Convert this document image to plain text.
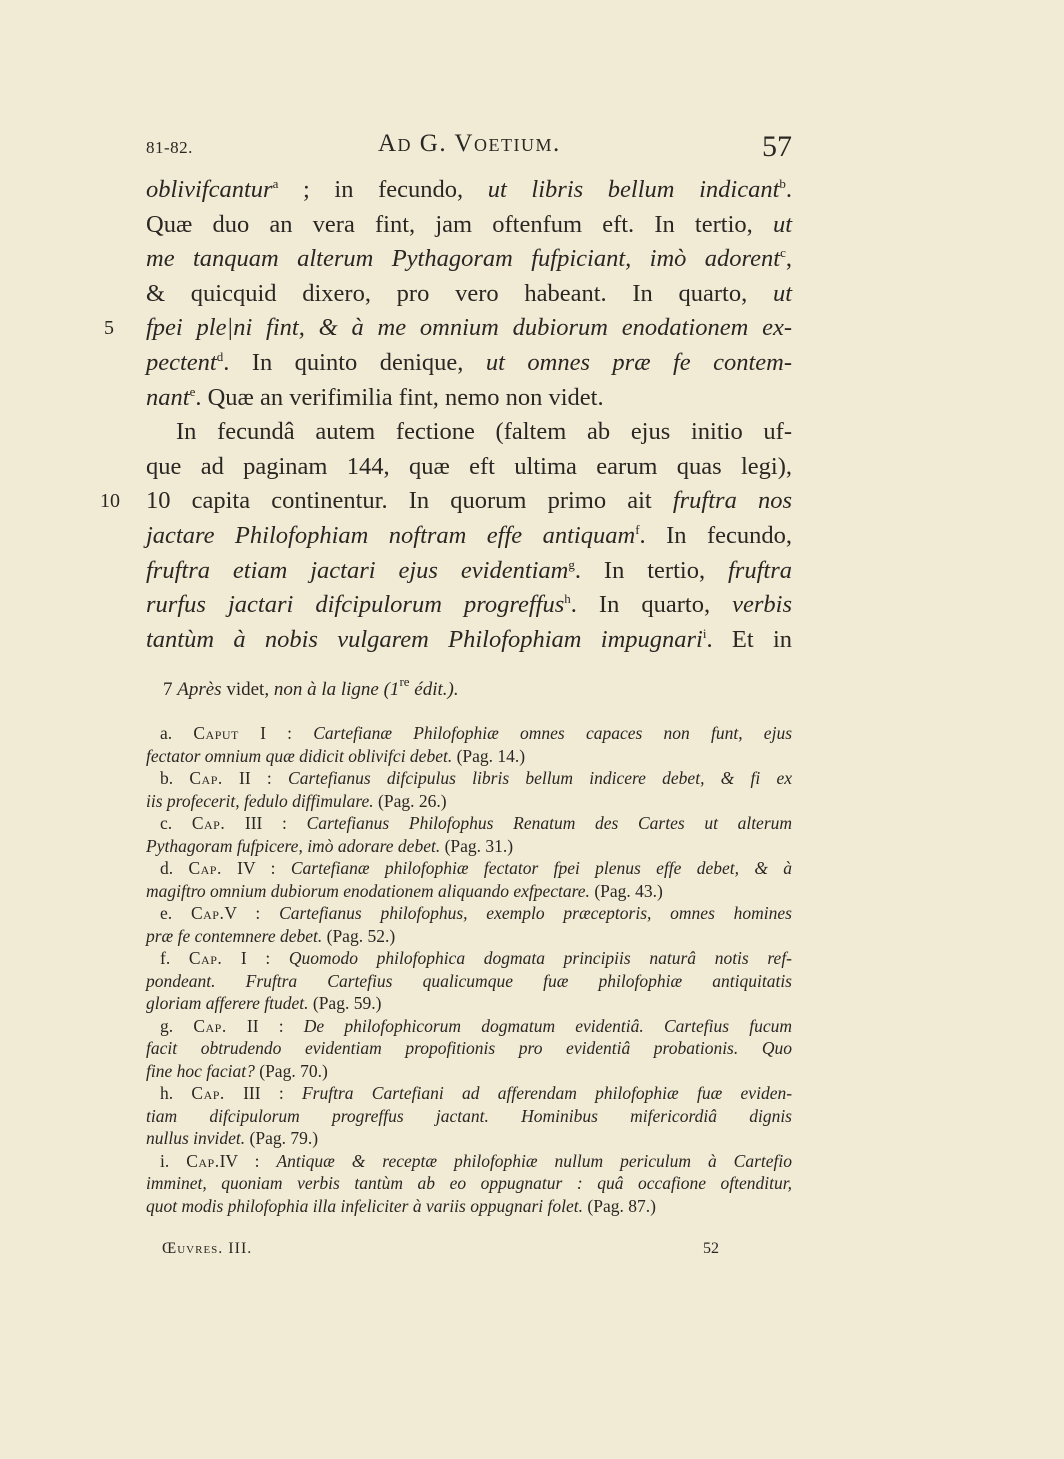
81-82.	Ad G. Voetium.	57
oblivifcantur$^a$ ; in fecundo, ut libris bellum indicant$^b$.
Quæ duo an vera fint, jam oftenfum eft. In tertio, ut
me tanquam alterum Pythagoram fufpiciant, imò adorent$^c$,
& quicquid dixero, pro vero habeant. In quarto, ut
5 fpei ple|ni fint, & à me omnium dubiorum enodationem ex-
pectent$^d$. In quinto denique, ut omnes præ fe contem-
nant$^e$. Quæ an verifimilia fint, nemo non videt.
In fecundâ autem fectione (faltem ab ejus initio uf-
que ad paginam 144, quæ eft ultima earum quas legi),
10 10 capita continentur. In quorum primo ait fruftra nos
jactare Philofophiam noftram effe antiquam$^f$. In fecundo,
fruftra etiam jactari ejus evidentiam$^g$. In tertio, fruftra
rurfus jactari difcipulorum progreffus$^h$. In quarto, verbis
tantùm à nobis vulgarem Philofophiam impugnari$^i$. Et in
7 Après videt, non à la ligne (1re édit.).
a. Caput I : Cartefianæ Philofophiæ omnes capaces non funt, ejus
fectator omnium quæ didicit oblivifci debet. (Pag. 14.)
b. Cap. II : Cartefianus difcipulus libris bellum indicere debet, & fi ex
iis profecerit, fedulo diffimulare. (Pag. 26.)
c. Cap. III : Cartefianus Philofophus Renatum des Cartes ut alterum
Pythagoram fufpicere, imò adorare debet. (Pag. 31.)
d. Cap. IV : Cartefianæ philofophiæ fectator fpei plenus effe debet, & à
magiftro omnium dubiorum enodationem aliquando exfpectare. (Pag. 43.)
e. Cap.V : Cartefianus philofophus, exemplo præceptoris, omnes homines
præ fe contemnere debet. (Pag. 52.)
f. Cap. I : Quomodo philofophica dogmata principiis naturâ notis ref-
pondeant. Fruftra Cartefius qualicumque fuæ philofophiæ antiquitatis
gloriam afferere ftudet. (Pag. 59.)
g. Cap. II : De philofophicorum dogmatum evidentiâ. Cartefius fucum
facit obtrudendo evidentiam propofitionis pro evidentiâ probationis. Quo
fine hoc faciat? (Pag. 70.)
h. Cap. III : Fruftra Cartefiani ad afferendam philofophiæ fuæ eviden-
tiam difcipulorum progreffus jactant. Hominibus mifericordiâ dignis
nullus invidet. (Pag. 79.)
i. Cap.IV : Antiquæ & receptæ philofophiæ nullum periculum à Cartefio
imminet, quoniam verbis tantùm ab eo oppugnatur : quâ occafione oftenditur,
quot modis philofophia illa infeliciter à variis oppugnari folet. (Pag. 87.)
Œuvres. III.	52
